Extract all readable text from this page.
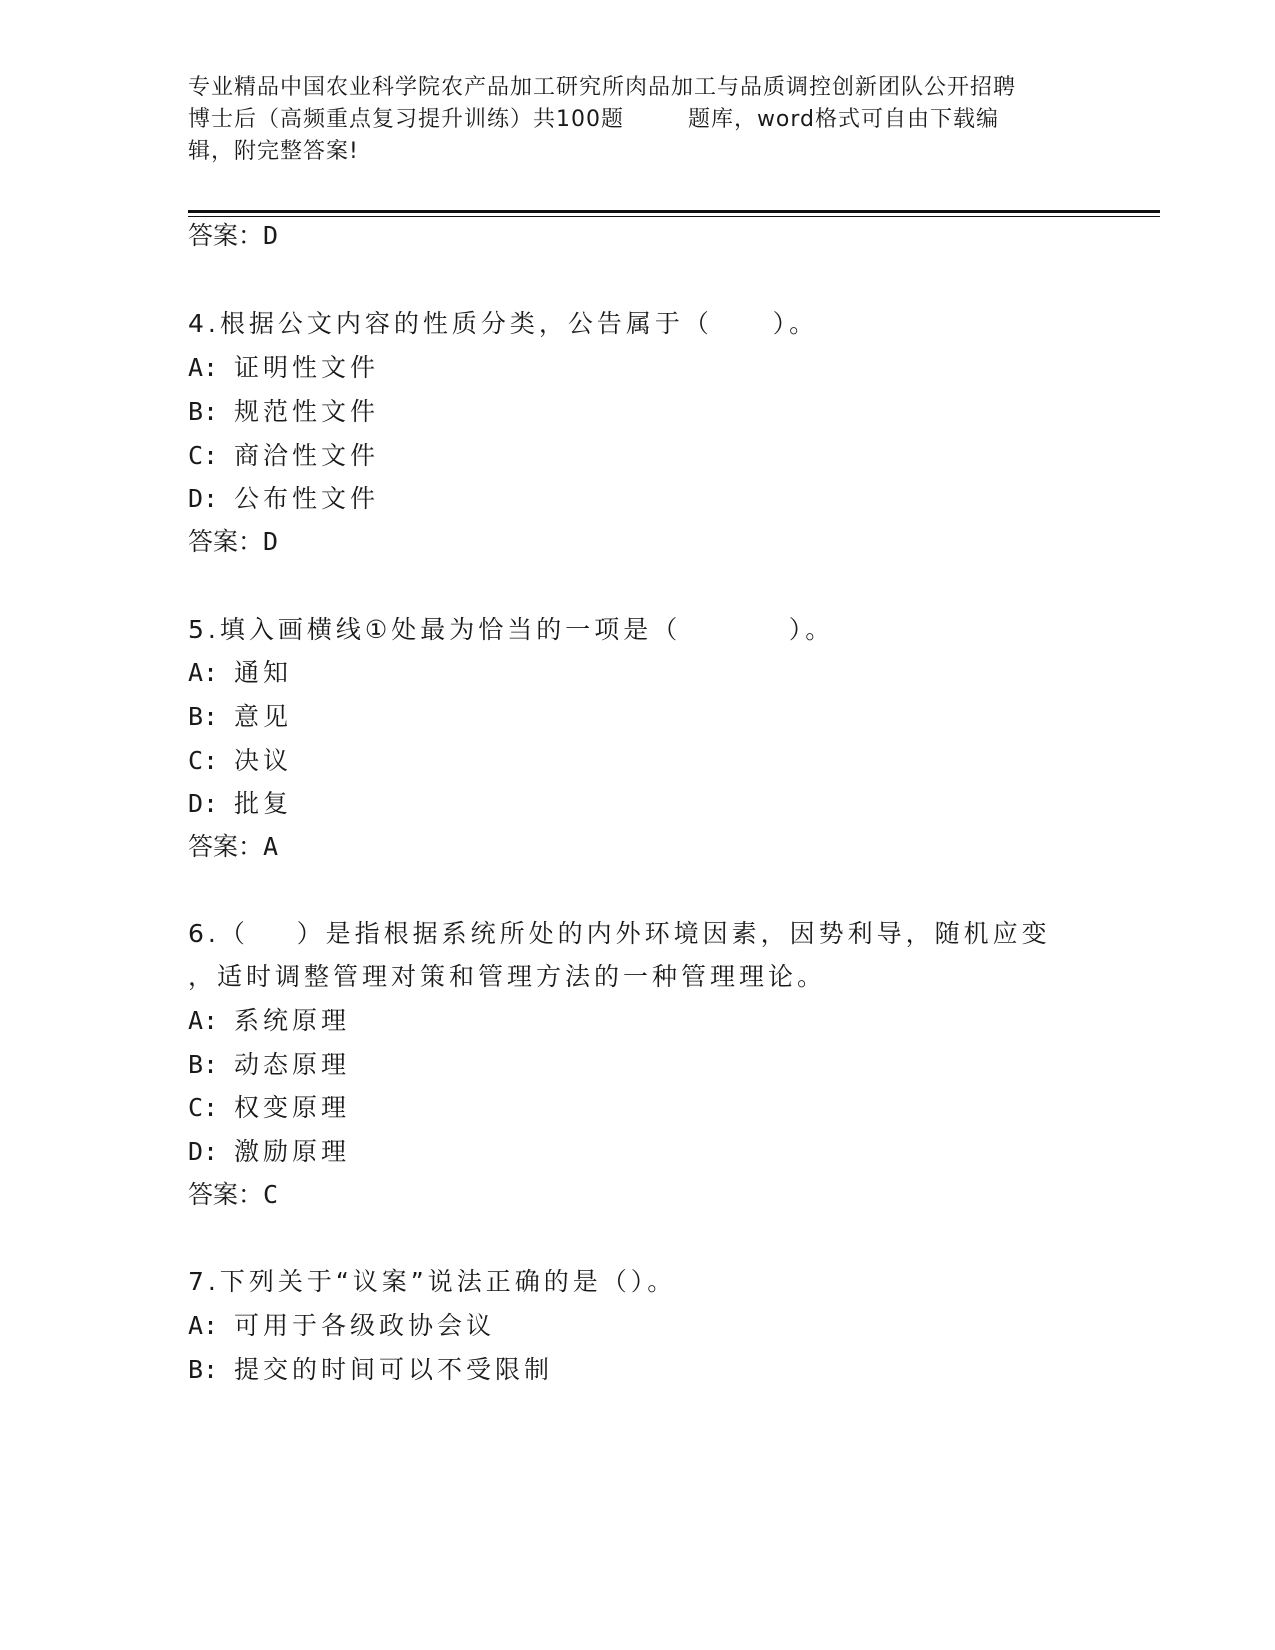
专业精品中国农业科学院农产品加工研究所肉品加工与品质调控创新团队公开招聘
博士后（高频重点复习提升训练）共100题        题库，word格式可自由下载编
辑，附完整答案!
答案：D
4.根据公文内容的性质分类，公告属于（     ）。
A: 证明性文件
B: 规范性文件
C: 商洽性文件
D: 公布性文件
答案：D
5.填入画横线①处最为恰当的一项是（         ）。
A: 通知
B: 意见
C: 决议
D: 批复
答案：A
6.（    ）是指根据系统所处的内外环境因素，因势利导，随机应变
，适时调整管理对策和管理方法的一种管理理论。
A: 系统原理
B: 动态原理
C: 权变原理
D: 激励原理
答案：C
7.下列关于“议案”说法正确的是（）。
A: 可用于各级政协会议
B: 提交的时间可以不受限制
